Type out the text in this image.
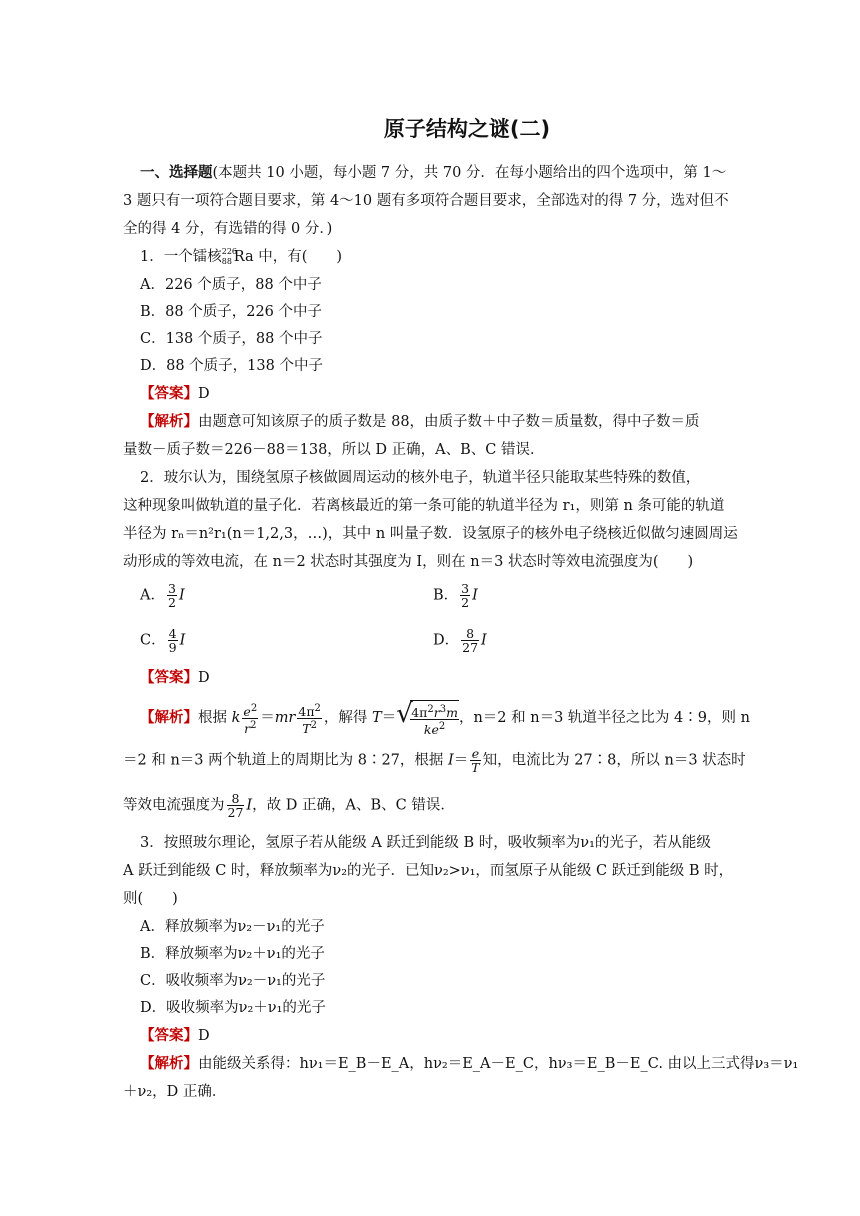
原子结构之谜(二)
一、选择题(本题共 10 小题，每小题 7 分，共 70 分．在每小题给出的四个选项中，第 1～
3 题只有一项符合题目要求，第 4～10 题有多项符合题目要求，全部选对的得 7 分，选对但不
全的得 4 分，有选错的得 0 分．)
1．一个镭核 226
88 Ra 中，有(　　)
A．226 个质子，88 个中子
B．88 个质子，226 个中子
C．138 个质子，88 个中子
D．88 个质子，138 个中子
【答案】D
【解析】由题意可知该原子的质子数是 88，由质子数＋中子数＝质量数，得中子数＝质
量数－质子数＝226－88＝138，所以 D 正确，A、B、C 错误．
2．玻尔认为，围绕氢原子核做圆周运动的核外电子，轨道半径只能取某些特殊的数值，
这种现象叫做轨道的量子化．若离核最近的第一条可能的轨道半径为 r₁，则第 n 条可能的轨道
半径为 rₙ＝n²r₁(n＝1,2,3，…)，其中 n 叫量子数．设氢原子的核外电子绕核近似做匀速圆周运
动形成的等效电流，在 n＝2 状态时其强度为 I，则在 n＝3 状态时等效电流强度为(　　)
A． $\frac{3}{2}$ I	B． $\frac{3}{2}$ I
C． $\frac{4}{9}$ I	D． $\frac{8}{27}$ I
【答案】D
【解析】根据 k $\frac{e^2}{r^2} =mr \frac{4\pi^2}{T^2}$ ，解得 T＝ √
$\frac{4\pi^2r^3m}{ke^2}$ ，n＝2 和 n＝3 轨道半径之比为 4∶9，则 n
＝2 和 n＝3 两个轨道上的周期比为 8∶27，根据 $I= \frac{e}{T}$ 知，电流比为 27∶8，所以 n＝3 状态时
等效电流强度为 $\frac{8}{27}$ I，故 D 正确，A、B、C 错误．
3．按照玻尔理论，氢原子若从能级 A 跃迁到能级 B 时，吸收频率为ν₁的光子，若从能级
A 跃迁到能级 C 时，释放频率为ν₂的光子．已知ν₂>ν₁，而氢原子从能级 C 跃迁到能级 B 时，
则(　　)
A．释放频率为ν₂－ν₁的光子
B．释放频率为ν₂＋ν₁的光子
C．吸收频率为ν₂－ν₁的光子
D．吸收频率为ν₂＋ν₁的光子
【答案】D
【解析】由能级关系得：hν₁＝E_B－E_A，hν₂＝E_A－E_C，hν₃＝E_B－E_C. 由以上三式得ν₃＝ν₁
＋ν₂，D 正确．
